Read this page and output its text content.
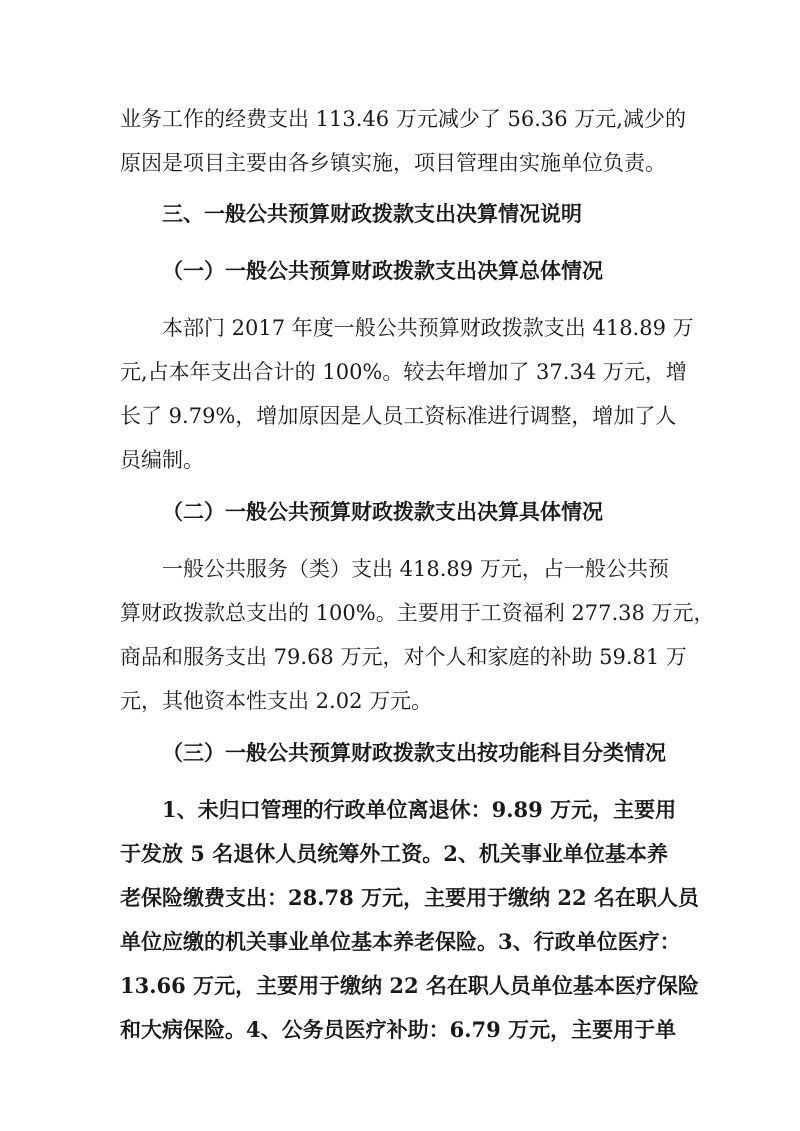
业务工作的经费支出 113.46 万元减少了 56.36 万元,减少的
原因是项目主要由各乡镇实施，项目管理由实施单位负责。
三、一般公共预算财政拨款支出决算情况说明
（一）一般公共预算财政拨款支出决算总体情况
本部门 2017 年度一般公共预算财政拨款支出 418.89 万
元,占本年支出合计的 100%。较去年增加了 37.34 万元，增
长了 9.79%，增加原因是人员工资标准进行调整，增加了人
员编制。
（二）一般公共预算财政拨款支出决算具体情况
一般公共服务（类）支出 418.89 万元，占一般公共预
算财政拨款总支出的 100%。主要用于工资福利 277.38 万元，
商品和服务支出 79.68 万元，对个人和家庭的补助 59.81 万
元，其他资本性支出 2.02 万元。
（三）一般公共预算财政拨款支出按功能科目分类情况
1、未归口管理的行政单位离退休：9.89 万元，主要用
于发放 5 名退休人员统筹外工资。2、机关事业单位基本养
老保险缴费支出：28.78 万元，主要用于缴纳 22 名在职人员
单位应缴的机关事业单位基本养老保险。3、行政单位医疗：
13.66 万元，主要用于缴纳 22 名在职人员单位基本医疗保险
和大病保险。4、公务员医疗补助：6.79 万元，主要用于单
